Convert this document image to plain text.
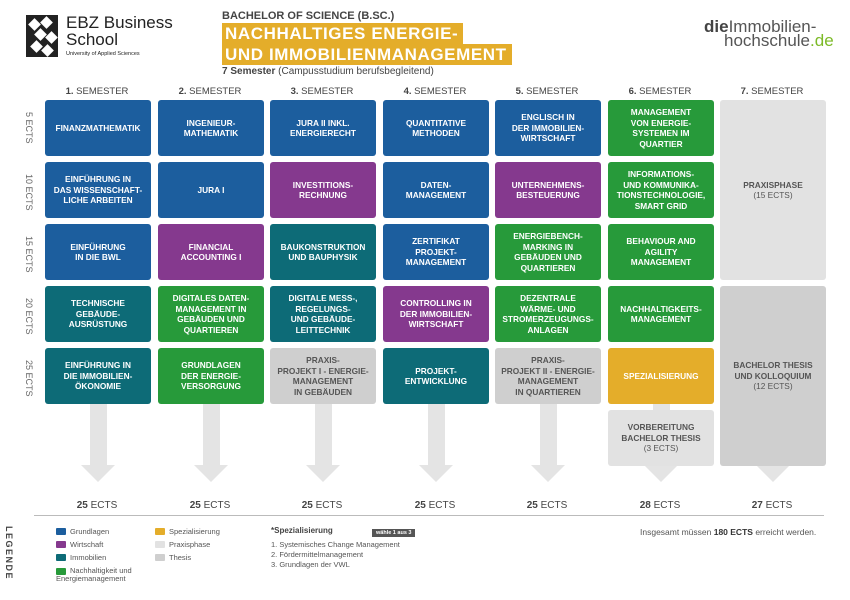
EBZ Business
School
University of Applied Sciences
BACHELOR OF SCIENCE (B.SC.)
NACHHALTIGES ENERGIE-
UND IMMOBILIENMANAGEMENT
7 Semester (Campusstudium berufsbegleitend)
dieImmobilien-
hochschule.de
1. SEMESTER	2. SEMESTER	3. SEMESTER	4. SEMESTER	5. SEMESTER	6. SEMESTER	7. SEMESTER
5 ECTS
10 ECTS
15 ECTS
20 ECTS
25 ECTS
FINANZMATHEMATIK
EINFÜHRUNG IN
DAS WISSENSCHAFT-
LICHE ARBEITEN
EINFÜHRUNG
IN DIE BWL
TECHNISCHE
GEBÄUDE-
AUSRÜSTUNG
EINFÜHRUNG IN
DIE IMMOBILIEN-
ÖKONOMIE
INGENIEUR-
MATHEMATIK
JURA I
FINANCIAL
ACCOUNTING I
DIGITALES DATEN-
MANAGEMENT IN
GEBÄUDEN UND
QUARTIEREN
GRUNDLAGEN
DER ENERGIE-
VERSORGUNG
JURA II INKL.
ENERGIERECHT
INVESTITIONS-
RECHNUNG
BAUKONSTRUKTION
UND BAUPHYSIK
DIGITALE MESS-,
REGELUNGS-
UND GEBÄUDE-
LEITTECHNIK
PRAXIS-
PROJEKT I - ENERGIE-
MANAGEMENT
IN GEBÄUDEN
QUANTITATIVE
METHODEN
DATEN-
MANAGEMENT
ZERTIFIKAT
PROJEKT-
MANAGEMENT
CONTROLLING IN
DER IMMOBILIEN-
WIRTSCHAFT
PROJEKT-
ENTWICKLUNG
ENGLISCH IN
DER IMMOBILIEN-
WIRTSCHAFT
UNTERNEHMENS-
BESTEUERUNG
ENERGIEBENCH-
MARKING IN
GEBÄUDEN UND
QUARTIEREN
DEZENTRALE
WÄRME- UND
STROMERZEUGUNGS-
ANLAGEN
PRAXIS-
PROJEKT II - ENERGIE-
MANAGEMENT
IN QUARTIEREN
MANAGEMENT
VON ENERGIE-
SYSTEMEN IM
QUARTIER
INFORMATIONS-
UND KOMMUNIKA-
TIONSTECHNOLOGIE,
SMART GRID
BEHAVIOUR AND
AGILITY
MANAGEMENT
NACHHALTIGKEITS-
MANAGEMENT
SPEZIALISIERUNG
VORBEREITUNG
BACHELOR THESIS
(3 ECTS)
PRAXISPHASE
(15 ECTS)
BACHELOR THESIS
UND KOLLOQUIUM
(12 ECTS)
25 ECTS	25 ECTS	25 ECTS	25 ECTS	25 ECTS	28 ECTS	27 ECTS
LEGENDE	Grundlagen
Wirtschaft
Immobilien
Nachhaltigkeit und Energiemanagement
Spezialisierung
Praxisphase
Thesis
*Spezialisierung	wähle 1 aus 3
1. Systemisches Change Management
2. Fördermittelmanagement
3. Grundlagen der VWL
Insgesamt müssen 180 ECTS erreicht werden.
